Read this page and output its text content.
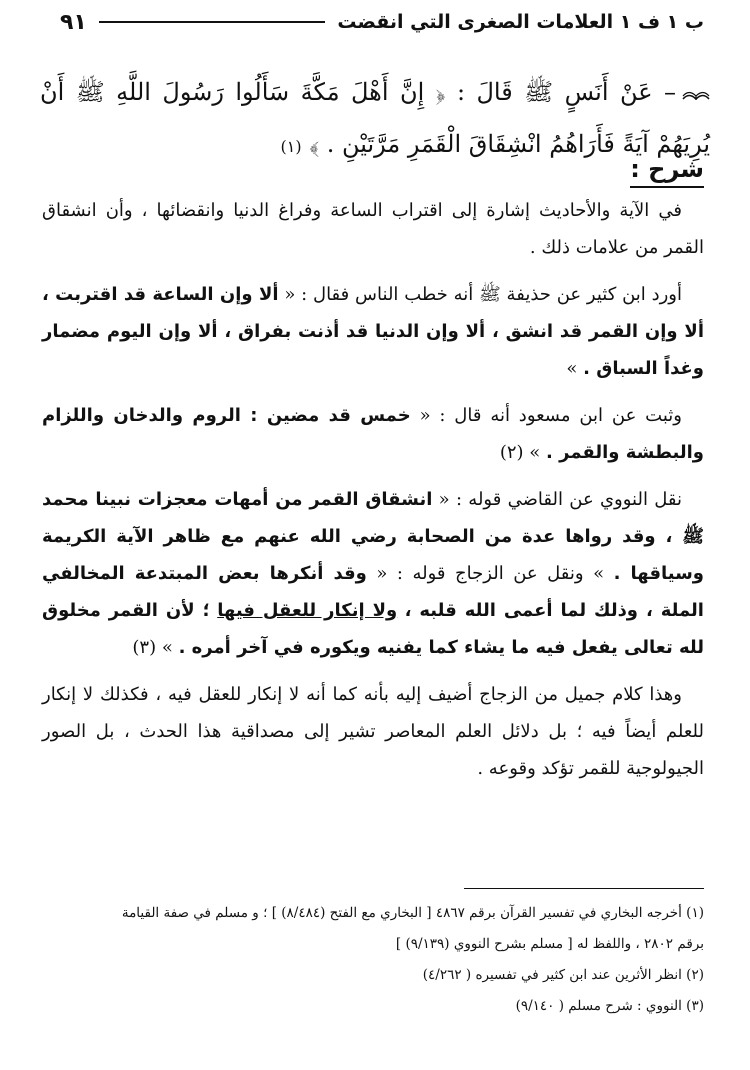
ب ١ ف ١ العلامات الصغرى التي انقضت
٩١
– عَنْ أَنَسٍ ﷺ قَالَ : ﴿ إِنَّ أَهْلَ مَكَّةَ سَأَلُوا رَسُولَ اللَّهِ ﷺ أَنْ يُرِيَهُمْ آيَةً فَأَرَاهُمُ انْشِقَاقَ الْقَمَرِ مَرَّتَيْنِ . ﴾ (١)
شرح :

في الآية والأحاديث إشارة إلى اقتراب الساعة وفراغ الدنيا وانقضائها ، وأن انشقاق القمر من علامات ذلك .

أورد ابن كثير عن حذيفة ﷺ أنه خطب الناس فقال : « ألا وإن الساعة قد اقتربت ، ألا وإن القمر قد انشق ، ألا وإن الدنيا قد أذنت بفراق ، ألا وإن اليوم مضمار وغداً السباق . »

وثبت عن ابن مسعود أنه قال : « خمس قد مضين : الروم والدخان واللزام والبطشة والقمر . » (٢)

نقل النووي عن القاضي قوله : « انشقاق القمر من أمهات معجزات نبينا محمد ﷺ ، وقد رواها عدة من الصحابة رضي الله عنهم مع ظاهر الآية الكريمة وسياقها . » ونقل عن الزجاج قوله : « وقد أنكرها بعض المبتدعة المخالفي الملة ، وذلك لما أعمى الله قلبه ، ولا إنكار للعقل فيها ؛ لأن القمر مخلوق لله تعالى يفعل فيه ما يشاء كما يفنيه ويكوره في آخر أمره . » (٣)

وهذا كلام جميل من الزجاج أضيف إليه بأنه كما أنه لا إنكار للعقل فيه ، فكذلك لا إنكار للعلم أيضاً فيه ؛ بل دلائل العلم المعاصر تشير إلى مصداقية هذا الحدث ، بل الصور الجيولوجية للقمر تؤكد وقوعه .

(١) أخرجه البخاري في تفسير القرآن برقم ٤٨٦٧ [ البخاري مع الفتح (٨/٤٨٤) ] ؛ و مسلم في صفة القيامة
برقم ٢٨٠٢ ، واللفظ له [ مسلم بشرح النووي (٩/١٣٩) ]
(٢) انظر الأثرين عند ابن كثير في تفسيره ( ٤/٢٦٢)
(٣) النووي : شرح مسلم ( ٩/١٤٠)
